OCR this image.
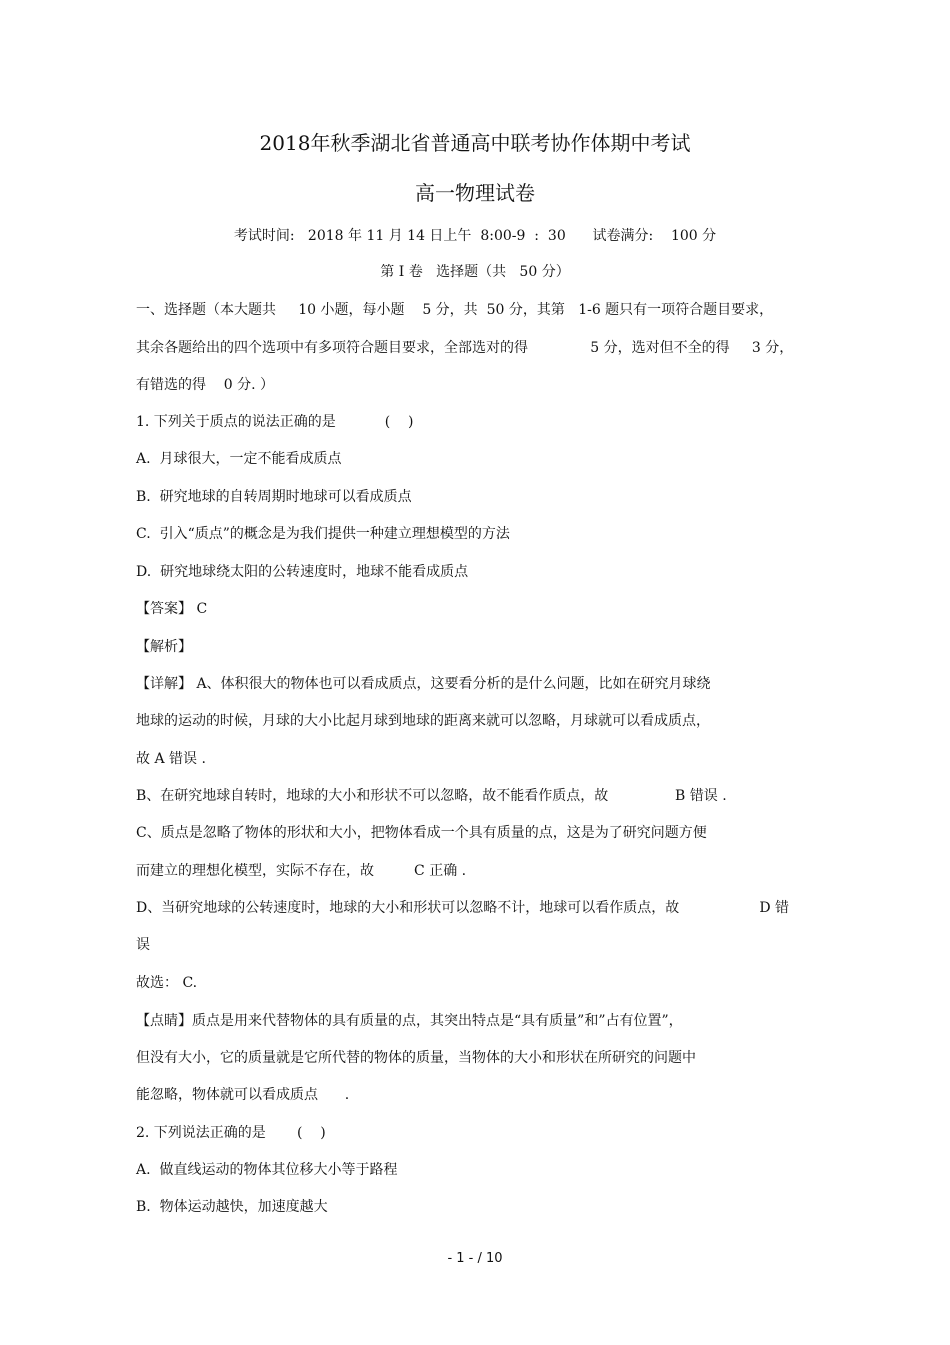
2018年秋季湖北省普通高中联考协作体期中考试
高一物理试卷
考试时间:   2018 年 11 月 14 日上午  8:00-9  :  30      试卷满分:    100 分
第 I 卷   选择题（共   50 分）
一、选择题（本大题共     10 小题，每小题    5 分，共  50 分，其第   1-6 题只有一项符合题目要求，
其余各题给出的四个选项中有多项符合题目要求，全部选对的得              5 分，选对但不全的得     3 分，
有错选的得    0 分. ）
1. 下列关于质点的说法正确的是           (    )
A.  月球很大，一定不能看成质点
B.  研究地球的自转周期时地球可以看成质点
C.  引入“质点”的概念是为我们提供一种建立理想模型的方法
D.  研究地球绕太阳的公转速度时，地球不能看成质点
【答案】 C
【解析】
【详解】 A、体积很大的物体也可以看成质点，这要看分析的是什么问题，比如在研究月球绕
地球的运动的时候，月球的大小比起月球到地球的距离来就可以忽略，月球就可以看成质点，
故 A 错误 .
B、在研究地球自转时，地球的大小和形状不可以忽略，故不能看作质点，故               B 错误 .
C、质点是忽略了物体的形状和大小，把物体看成一个具有质量的点，这是为了研究问题方便
而建立的理想化模型，实际不存在，故         C 正确 .
D、当研究地球的公转速度时，地球的大小和形状可以忽略不计，地球可以看作质点，故                  D 错
误
故选： C.
【点睛】质点是用来代替物体的具有质量的点，其突出特点是“具有质量”和”占有位置”，
但没有大小，它的质量就是它所代替的物体的质量，当物体的大小和形状在所研究的问题中
能忽略，物体就可以看成质点      .
2. 下列说法正确的是       (    )
A.  做直线运动的物体其位移大小等于路程
B.  物体运动越快，加速度越大
- 1 - / 10
